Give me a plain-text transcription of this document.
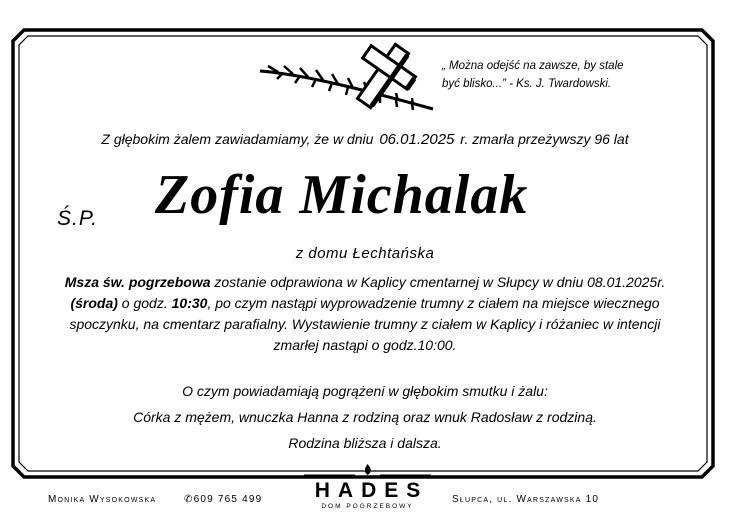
„ Można odejść na zawsze, by stale
być blisko...” - Ks. J. Twardowski.
Z głębokim żalem zawiadamiamy, że w dniu 06.01.2025 r. zmarła przeżywszy 96 lat
Ś.P. Zofia Michalak
z domu Łechtańska
Msza św. pogrzebowa zostanie odprawiona w Kaplicy cmentarnej w Słupcy w dniu 08.01.2025r. (środa) o godz. 10:30, po czym nastąpi wyprowadzenie trumny z ciałem na miejsce wiecznego spoczynku, na cmentarz parafialny. Wystawienie trumny z ciałem w Kaplicy i różaniec w intencji zmarłej nastąpi o godz.10:00.
O czym powiadamiają pogrążeni w głębokim smutku i żalu:
Córka z mężem, wnuczka Hanna z rodziną oraz wnuk Radosław z rodziną.
Rodzina bliższa i dalsza.
Monika Wysokowska	✆609 765 499	Słupca, ul. Warszawska 10
HADES
DOM POGRZEBOWY
